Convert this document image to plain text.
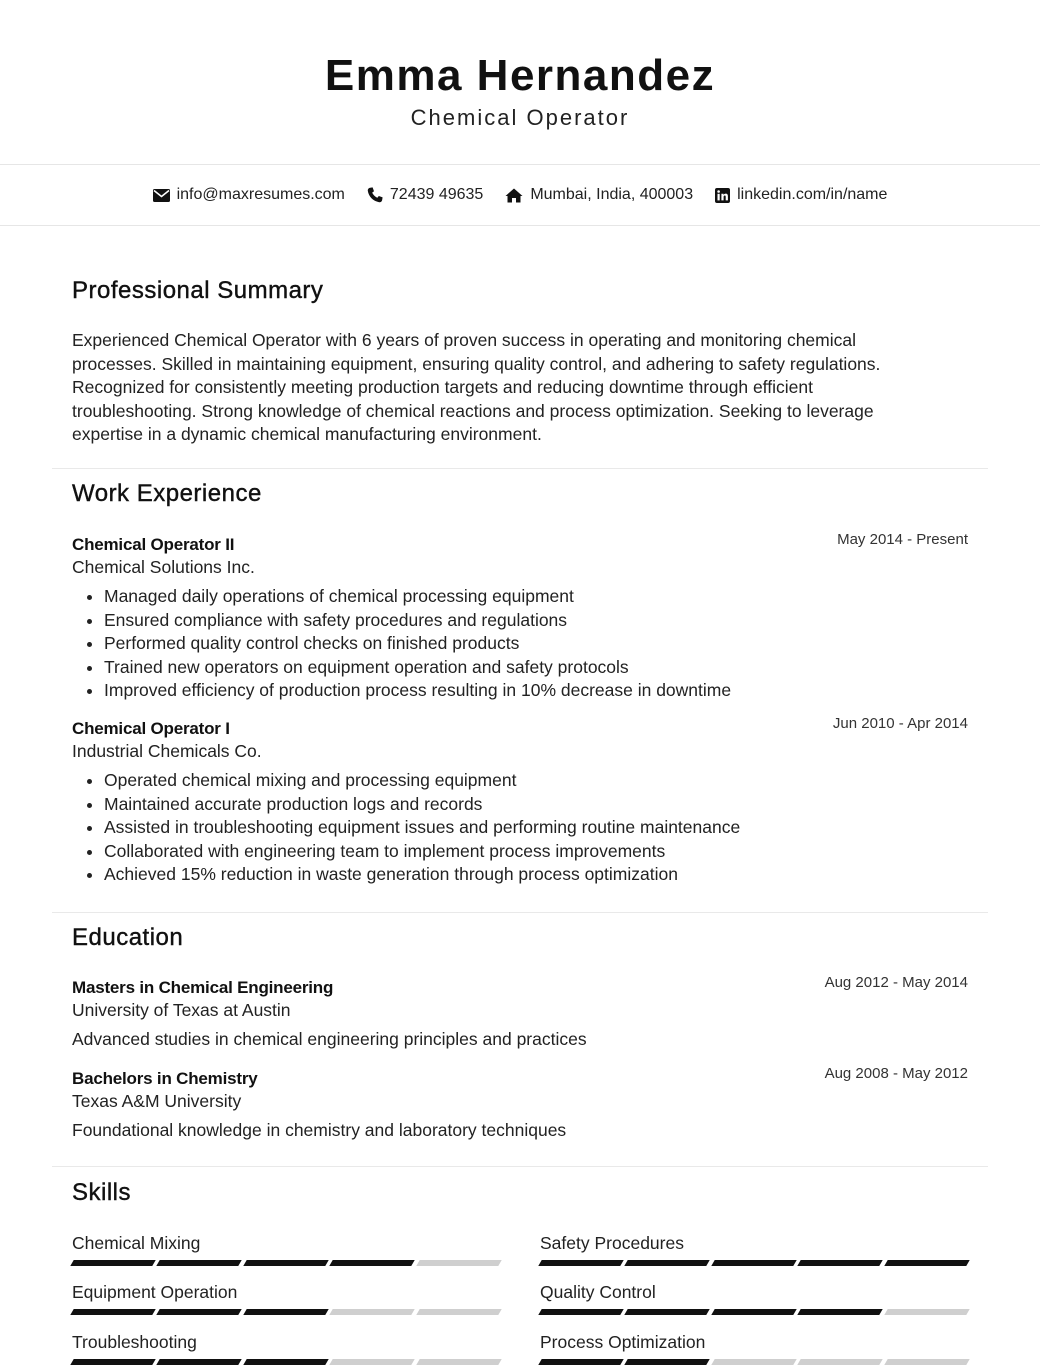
Emma Hernandez
Chemical Operator
info@maxresumes.com	72439 49635	Mumbai, India, 400003	linkedin.com/in/name
Professional Summary
Experienced Chemical Operator with 6 years of proven success in operating and monitoring chemical processes. Skilled in maintaining equipment, ensuring quality control, and adhering to safety regulations. Recognized for consistently meeting production targets and reducing downtime through efficient troubleshooting. Strong knowledge of chemical reactions and process optimization. Seeking to leverage expertise in a dynamic chemical manufacturing environment.
Work Experience
Chemical Operator II	May 2014 - Present
Chemical Solutions Inc.
• Managed daily operations of chemical processing equipment
• Ensured compliance with safety procedures and regulations
• Performed quality control checks on finished products
• Trained new operators on equipment operation and safety protocols
• Improved efficiency of production process resulting in 10% decrease in downtime
Chemical Operator I	Jun 2010 - Apr 2014
Industrial Chemicals Co.
• Operated chemical mixing and processing equipment
• Maintained accurate production logs and records
• Assisted in troubleshooting equipment issues and performing routine maintenance
• Collaborated with engineering team to implement process improvements
• Achieved 15% reduction in waste generation through process optimization
Education
Masters in Chemical Engineering	Aug 2012 - May 2014
University of Texas at Austin
Advanced studies in chemical engineering principles and practices
Bachelors in Chemistry	Aug 2008 - May 2012
Texas A&M University
Foundational knowledge in chemistry and laboratory techniques
Skills
Chemical Mixing	Safety Procedures
Equipment Operation	Quality Control
Troubleshooting	Process Optimization
